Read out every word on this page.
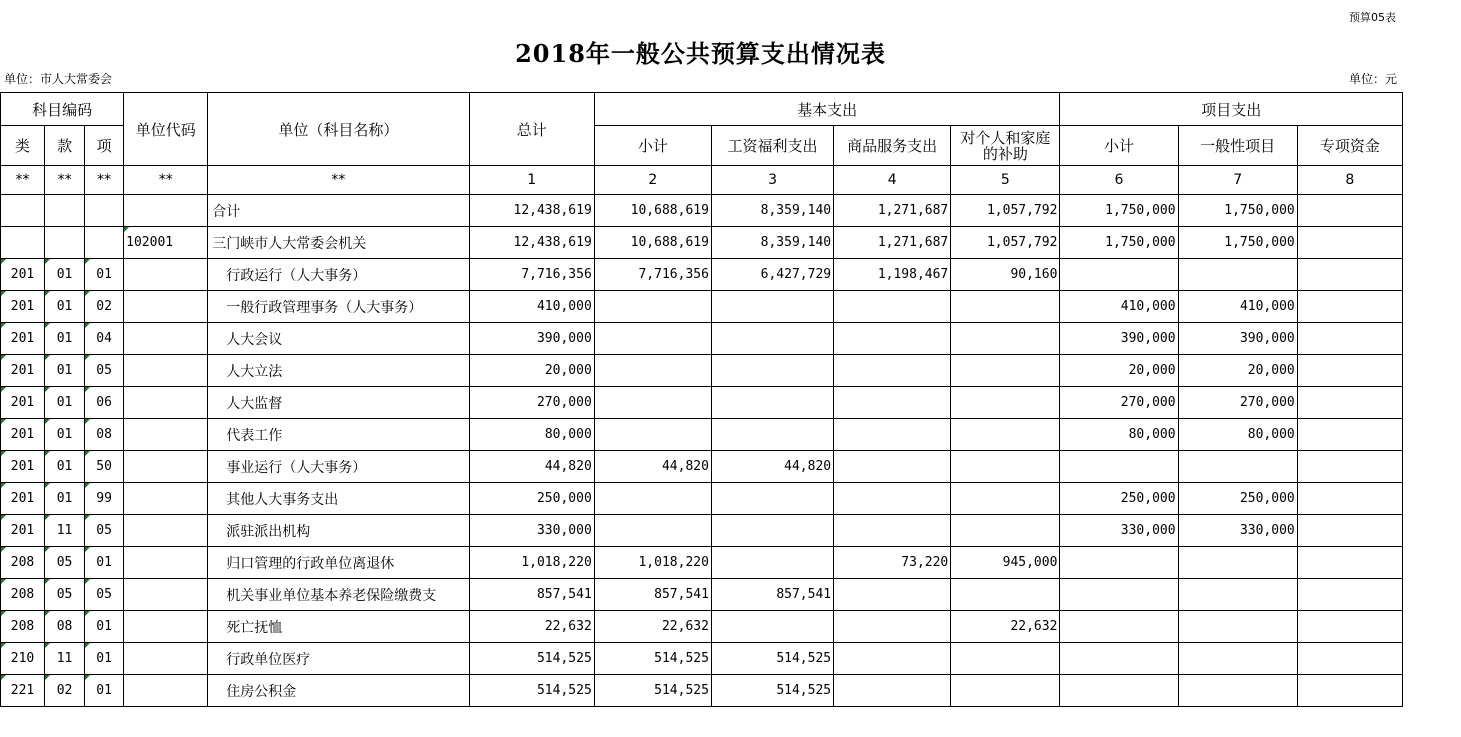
预算05表
2018年一般公共预算支出情况表
单位：市人大常委会	单位：元
科目编码			单位代码	单位（科目名称）	总计	基本支出				项目支出		
类	款	项				小计	工资福利支出	商品服务支出	对个人和家庭的补助	小计	一般性项目	专项资金
**	**	**	**	**	1	2	3	4	5	6	7	8
				合计	12,438,619	10,688,619	8,359,140	1,271,687	1,057,792	1,750,000	1,750,000	
			102001	三门峡市人大常委会机关	12,438,619	10,688,619	8,359,140	1,271,687	1,057,792	1,750,000	1,750,000	
201	01	01		行政运行（人大事务）	7,716,356	7,716,356	6,427,729	1,198,467	90,160			
201	01	02		一般行政管理事务（人大事务）	410,000					410,000	410,000	
201	01	04		人大会议	390,000					390,000	390,000	
201	01	05		人大立法	20,000					20,000	20,000	
201	01	06		人大监督	270,000					270,000	270,000	
201	01	08		代表工作	80,000					80,000	80,000	
201	01	50		事业运行（人大事务）	44,820	44,820	44,820					
201	01	99		其他人大事务支出	250,000					250,000	250,000	
201	11	05		派驻派出机构	330,000					330,000	330,000	
208	05	01		归口管理的行政单位离退休	1,018,220	1,018,220		73,220	945,000			
208	05	05		机关事业单位基本养老保险缴费支	857,541	857,541	857,541					
208	08	01		死亡抚恤	22,632	22,632			22,632			
210	11	01		行政单位医疗	514,525	514,525	514,525					
221	02	01		住房公积金	514,525	514,525	514,525					
